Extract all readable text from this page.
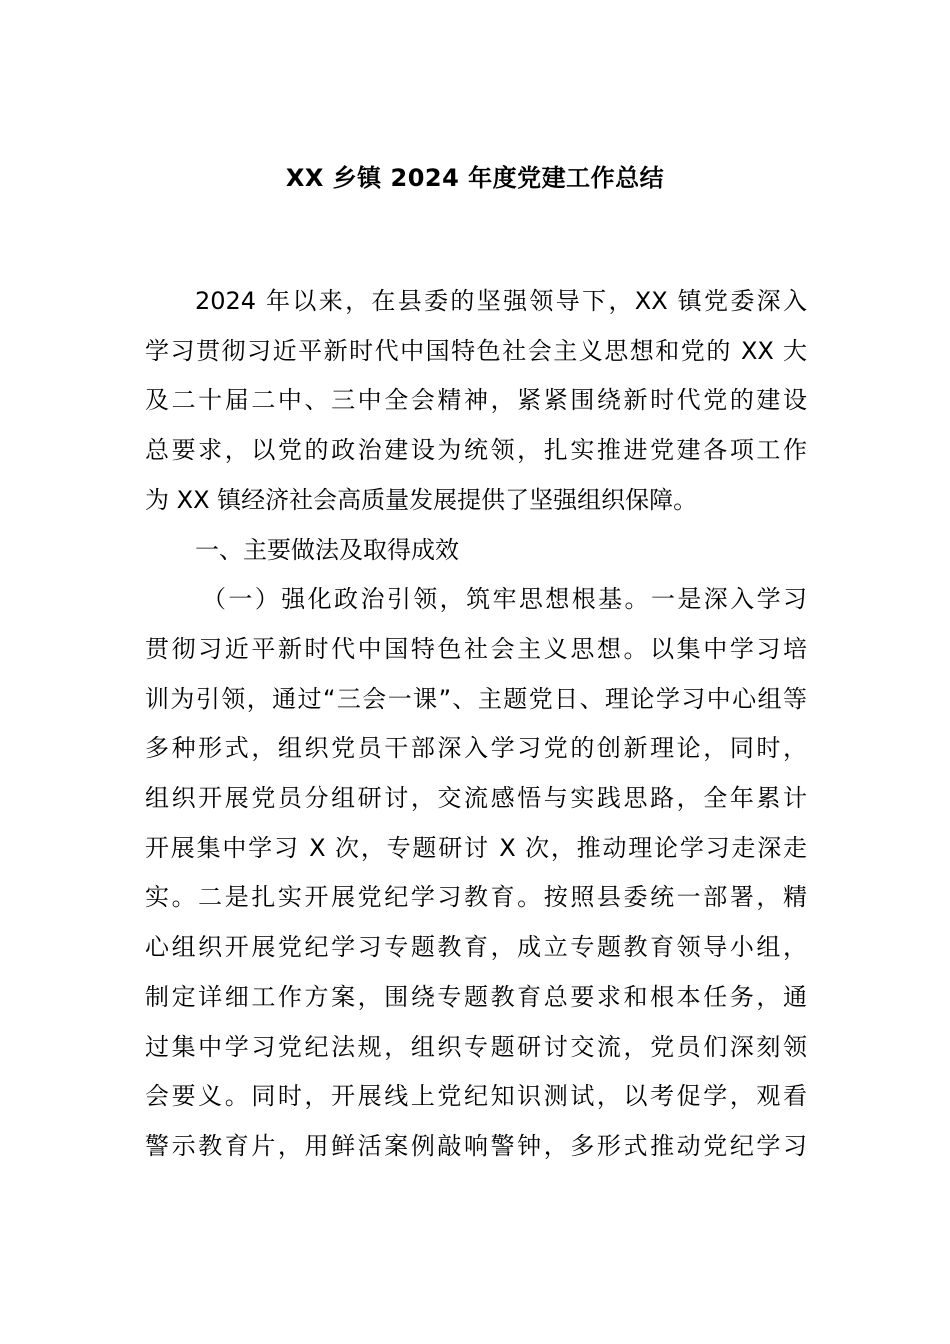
XX 乡镇 2024 年度党建工作总结
2024 年以来，在县委的坚强领导下，XX 镇党委深入
学习贯彻习近平新时代中国特色社会主义思想和党的 XX 大
及二十届二中、三中全会精神，紧紧围绕新时代党的建设
总要求，以党的政治建设为统领，扎实推进党建各项工作
为 XX 镇经济社会高质量发展提供了坚强组织保障。
一、主要做法及取得成效
（一）强化政治引领，筑牢思想根基。一是深入学习
贯彻习近平新时代中国特色社会主义思想。以集中学习培
训为引领，通过“三会一课”、主题党日、理论学习中心组等
多种形式，组织党员干部深入学习党的创新理论，同时，
组织开展党员分组研讨，交流感悟与实践思路，全年累计
开展集中学习 X 次，专题研讨 X 次，推动理论学习走深走
实。二是扎实开展党纪学习教育。按照县委统一部署，精
心组织开展党纪学习专题教育，成立专题教育领导小组，
制定详细工作方案，围绕专题教育总要求和根本任务，通
过集中学习党纪法规，组织专题研讨交流，党员们深刻领
会要义。同时，开展线上党纪知识测试，以考促学，观看
警示教育片，用鲜活案例敲响警钟，多形式推动党纪学习
